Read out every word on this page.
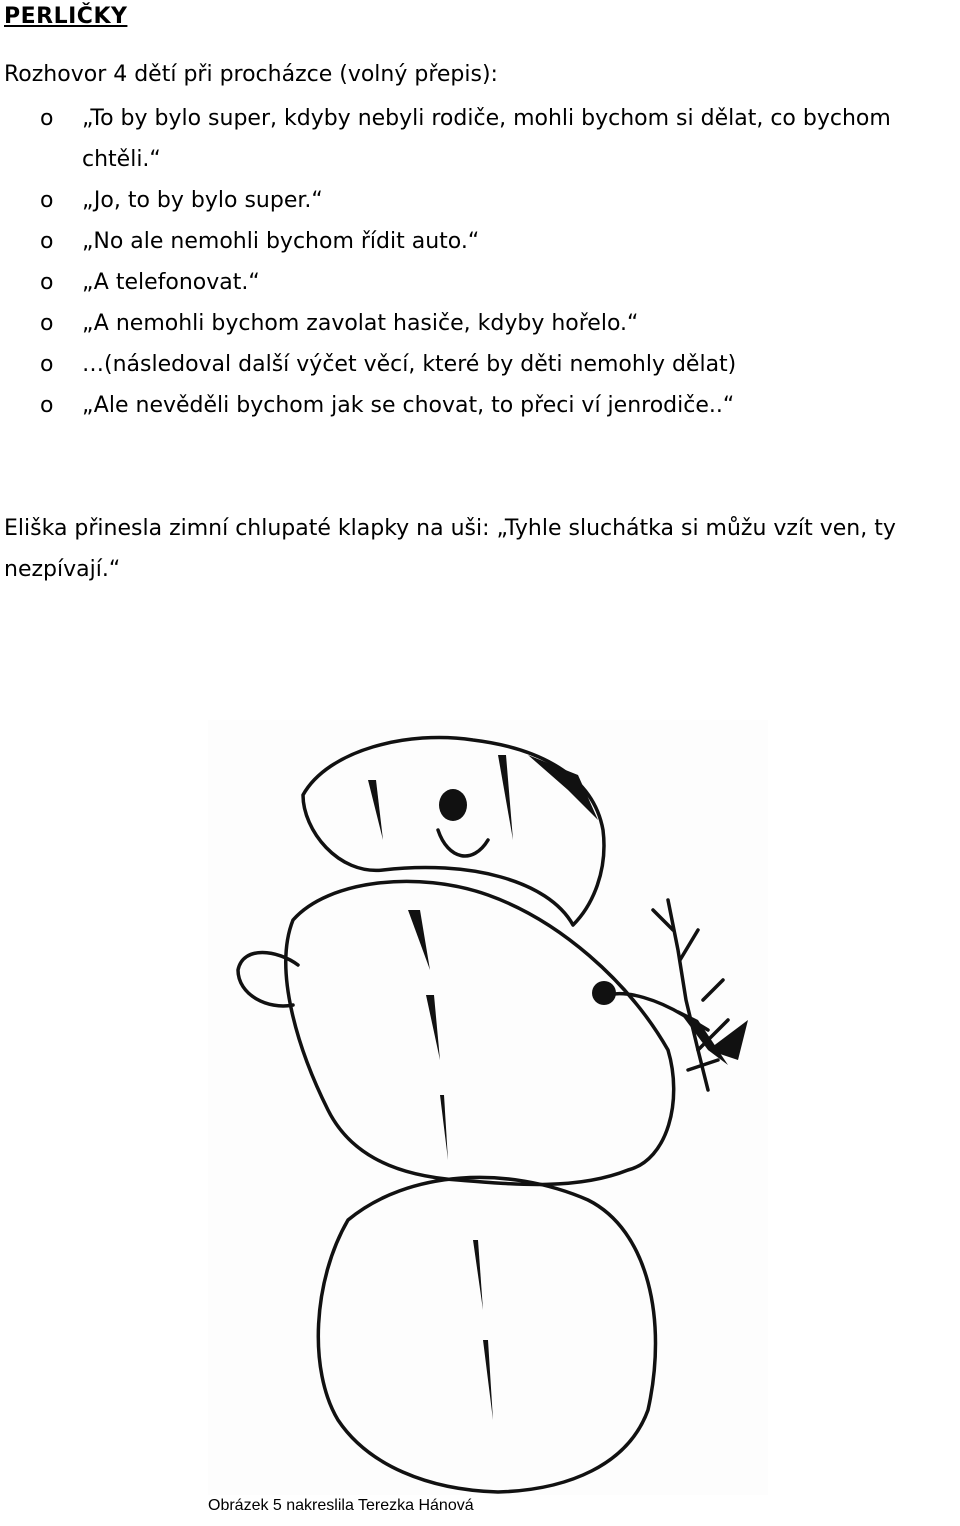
PERLIČKY
Rozhovor 4 dětí při procházce (volný přepis):
o „To by bylo super, kdyby nebyli rodiče, mohli bychom si dělat, co bychom chtěli.“
o „Jo, to by bylo super.“
o „No ale nemohli bychom řídit auto.“
o „A telefonovat.“
o „A nemohli bychom zavolat hasiče, kdyby hořelo.“
o …(následoval další výčet věcí, které by děti nemohly dělat)
o „Ale nevěděli bychom jak se chovat, to přeci ví jenrodiče..“
Eliška přinesla zimní chlupaté klapky na uši: „Tyhle sluchátka si můžu vzít ven, ty
nezpívají.“
Obrázek 5 nakreslila Terezka Hánová
